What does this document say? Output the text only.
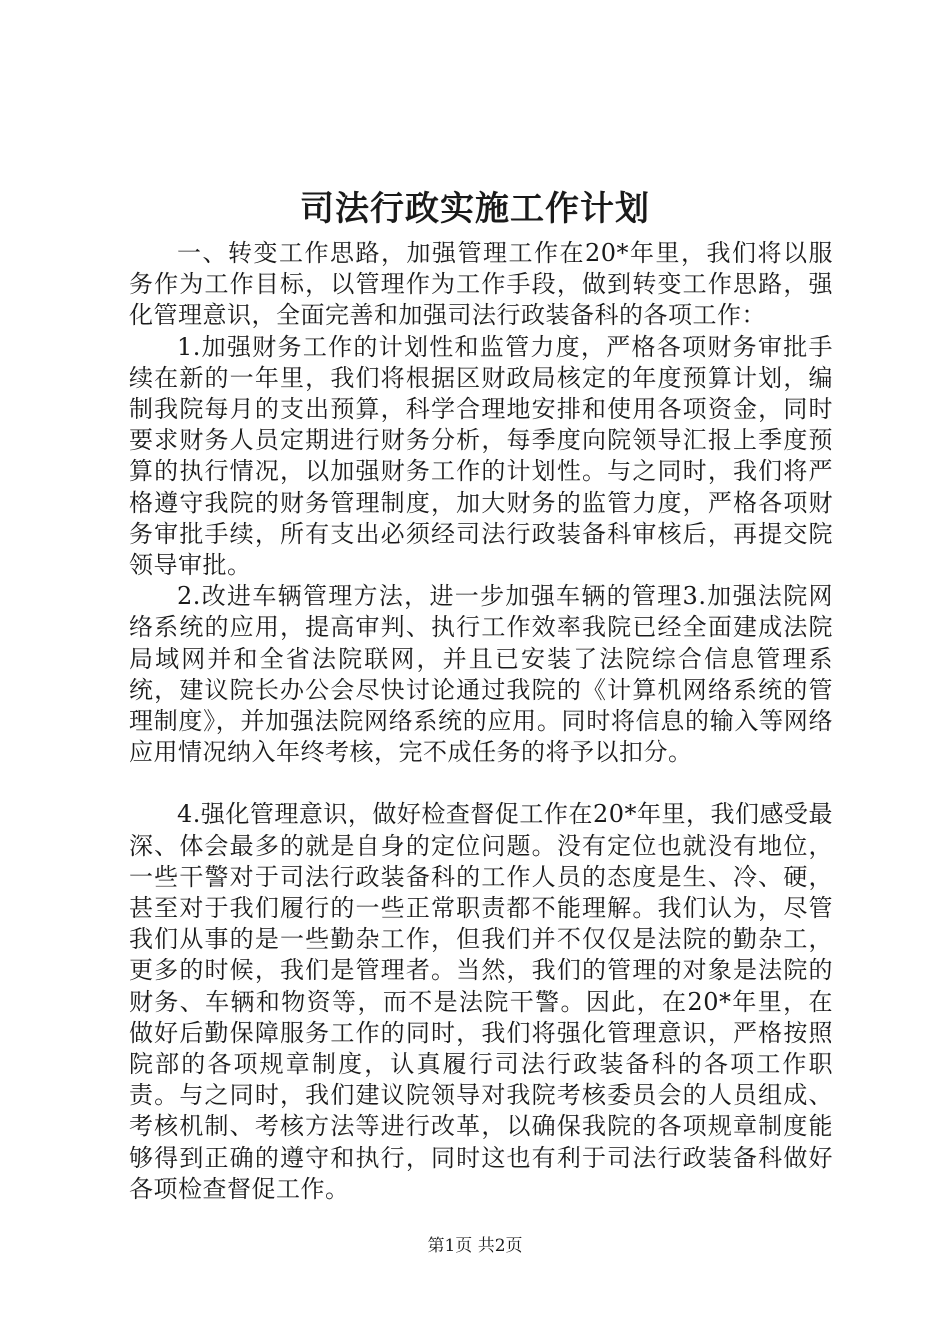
司法行政实施工作计划

一、转变工作思路，加强管理工作在20*年里，我们将以服务作为工作目标，以管理作为工作手段，做到转变工作思路，强化管理意识，全面完善和加强司法行政装备科的各项工作：

1.加强财务工作的计划性和监管力度，严格各项财务审批手续在新的一年里，我们将根据区财政局核定的年度预算计划，编制我院每月的支出预算，科学合理地安排和使用各项资金，同时要求财务人员定期进行财务分析，每季度向院领导汇报上季度预算的执行情况，以加强财务工作的计划性。与之同时，我们将严格遵守我院的财务管理制度，加大财务的监管力度，严格各项财务审批手续，所有支出必须经司法行政装备科审核后，再提交院领导审批。

2.改进车辆管理方法，进一步加强车辆的管理3.加强法院网络系统的应用，提高审判、执行工作效率我院已经全面建成法院局域网并和全省法院联网，并且已安装了法院综合信息管理系统，建议院长办公会尽快讨论通过我院的《计算机网络系统的管理制度》，并加强法院网络系统的应用。同时将信息的输入等网络应用情况纳入年终考核，完不成任务的将予以扣分。

4.强化管理意识，做好检查督促工作在20*年里，我们感受最深、体会最多的就是自身的定位问题。没有定位也就没有地位，一些干警对于司法行政装备科的工作人员的态度是生、冷、硬，甚至对于我们履行的一些正常职责都不能理解。我们认为，尽管我们从事的是一些勤杂工作，但我们并不仅仅是法院的勤杂工，更多的时候，我们是管理者。当然，我们的管理的对象是法院的财务、车辆和物资等，而不是法院干警。因此，在20*年里，在做好后勤保障服务工作的同时，我们将强化管理意识，严格按照院部的各项规章制度，认真履行司法行政装备科的各项工作职责。与之同时，我们建议院领导对我院考核委员会的人员组成、考核机制、考核方法等进行改革，以确保我院的各项规章制度能够得到正确的遵守和执行，同时这也有利于司法行政装备科做好各项检查督促工作。

第1页 共2页
